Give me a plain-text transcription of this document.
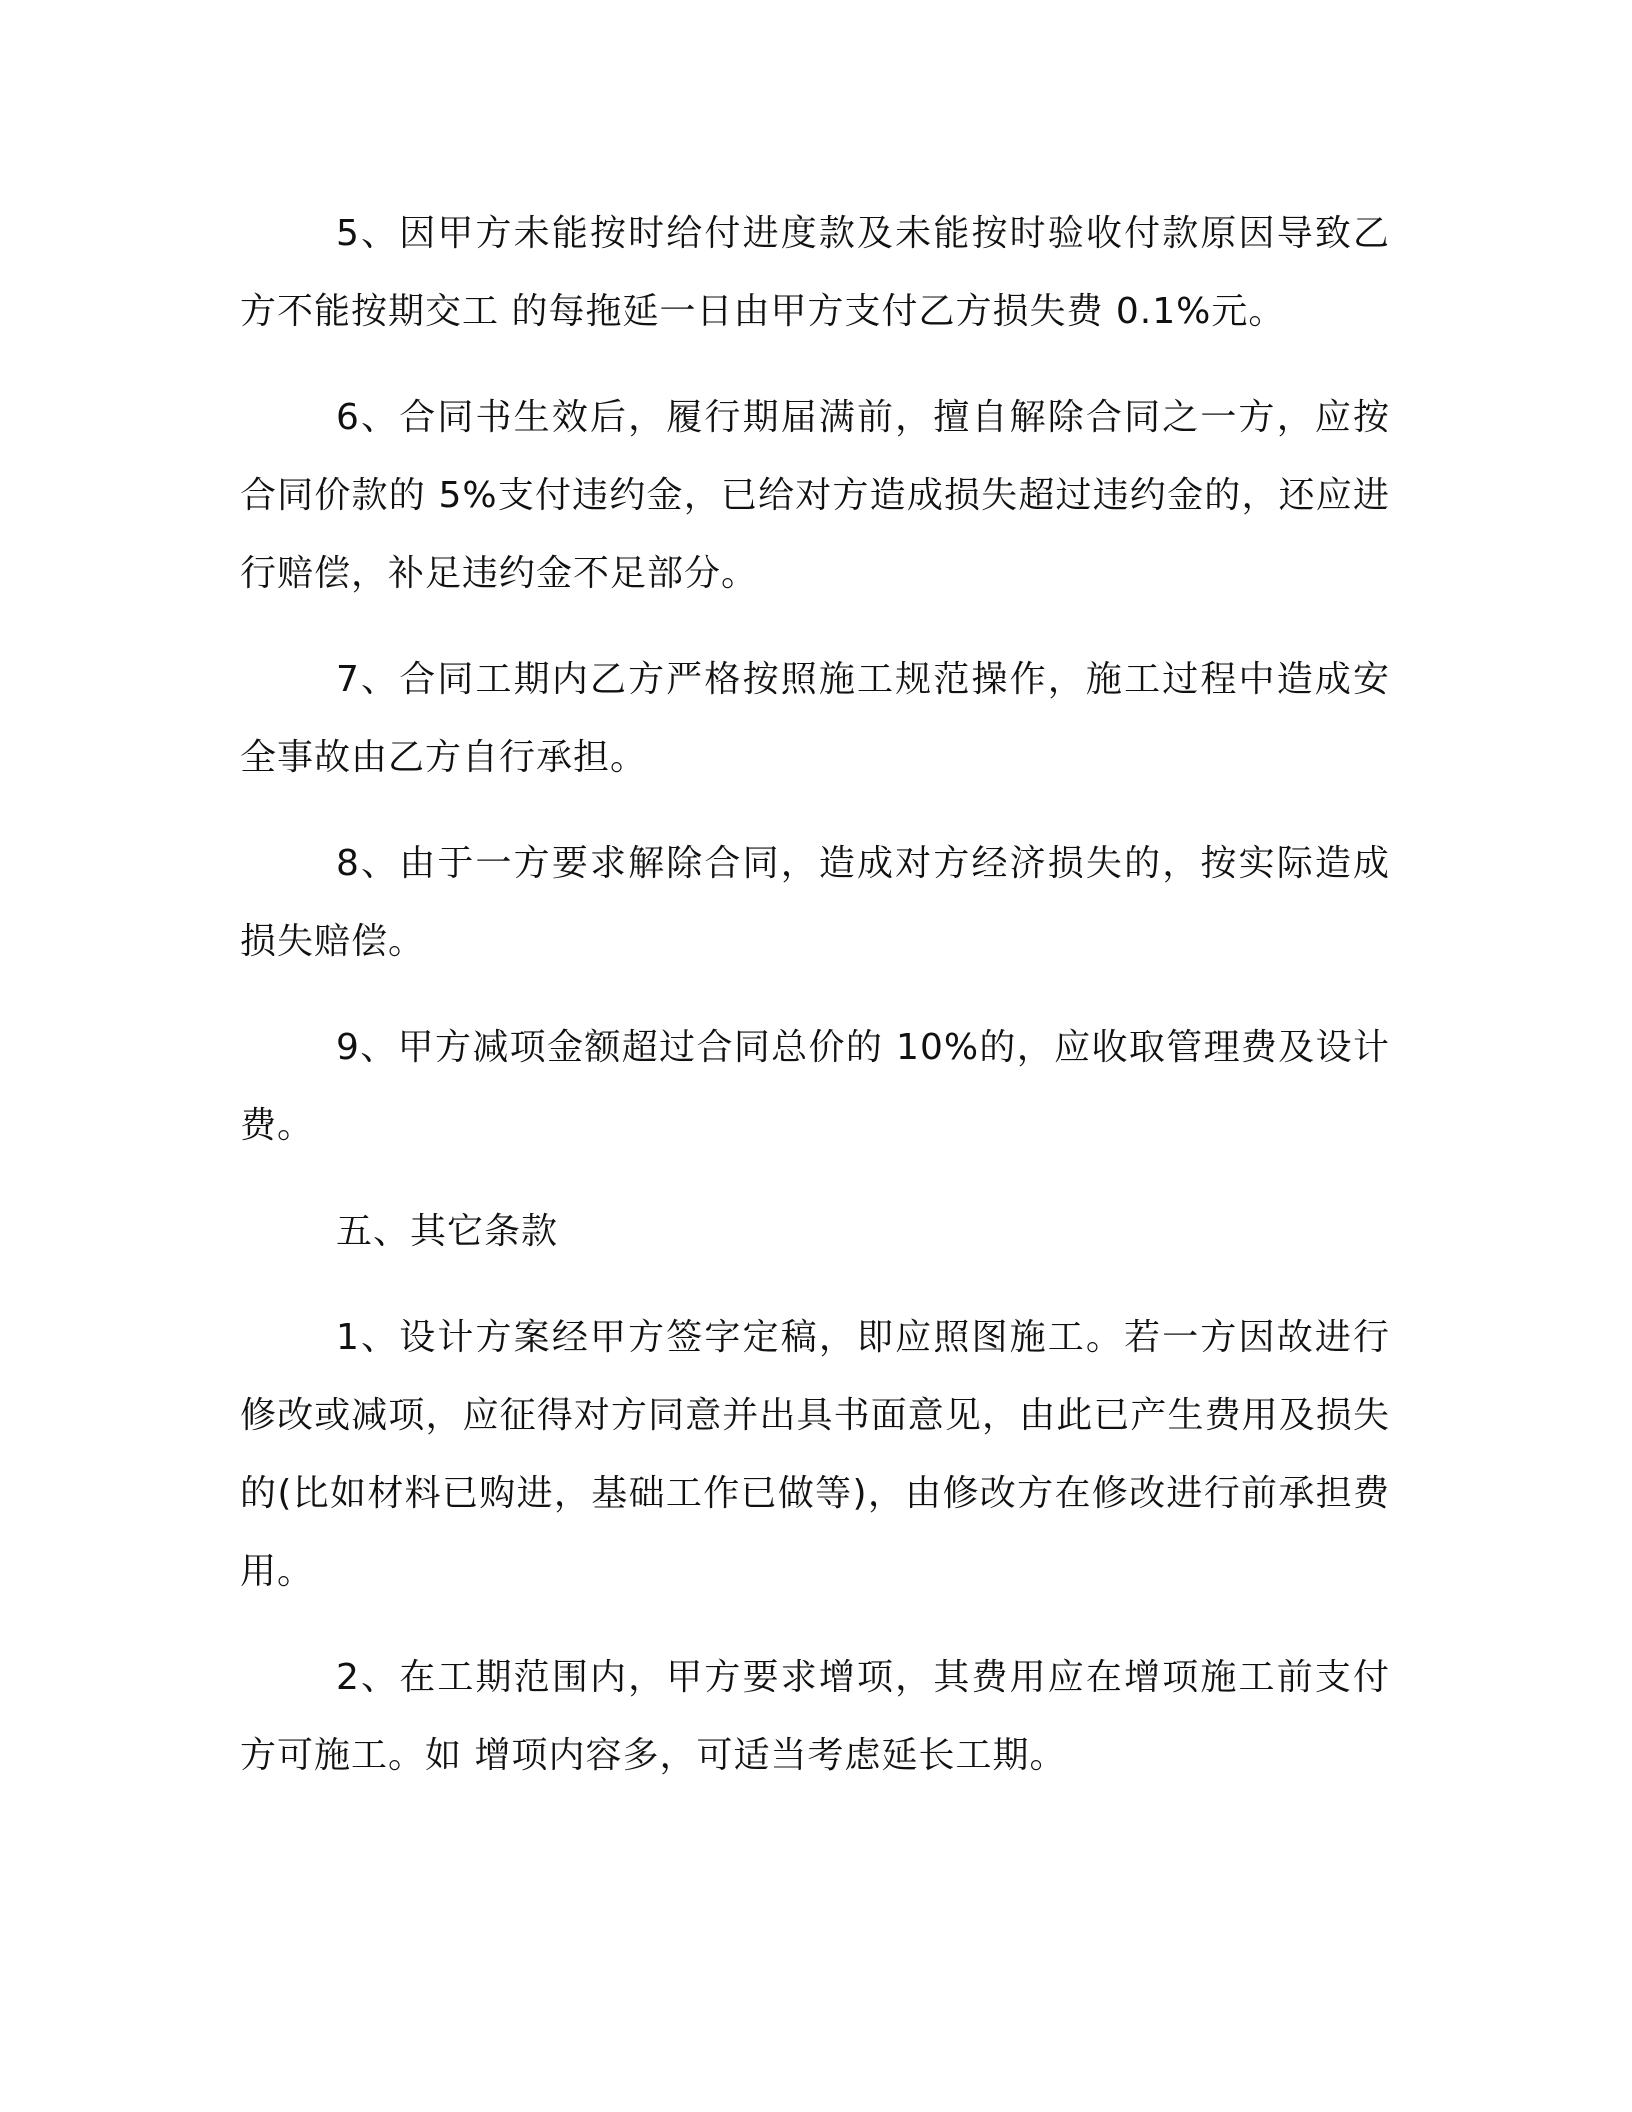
5、因甲方未能按时给付进度款及未能按时验收付款原因导致乙方不能按期交工 的每拖延一日由甲方支付乙方损失费 0.1%元。

6、合同书生效后，履行期届满前，擅自解除合同之一方，应按合同价款的 5%支付违约金，已给对方造成损失超过违约金的，还应进行赔偿，补足违约金不足部分。

7、合同工期内乙方严格按照施工规范操作，施工过程中造成安全事故由乙方自行承担。

8、由于一方要求解除合同，造成对方经济损失的，按实际造成损失赔偿。

9、甲方减项金额超过合同总价的 10%的，应收取管理费及设计费。

五、其它条款

1、设计方案经甲方签字定稿，即应照图施工。若一方因故进行修改或减项，应征得对方同意并出具书面意见，由此已产生费用及损失的(比如材料已购进，基础工作已做等)，由修改方在修改进行前承担费用。

2、在工期范围内，甲方要求增项，其费用应在增项施工前支付方可施工。如 增项内容多，可适当考虑延长工期。
